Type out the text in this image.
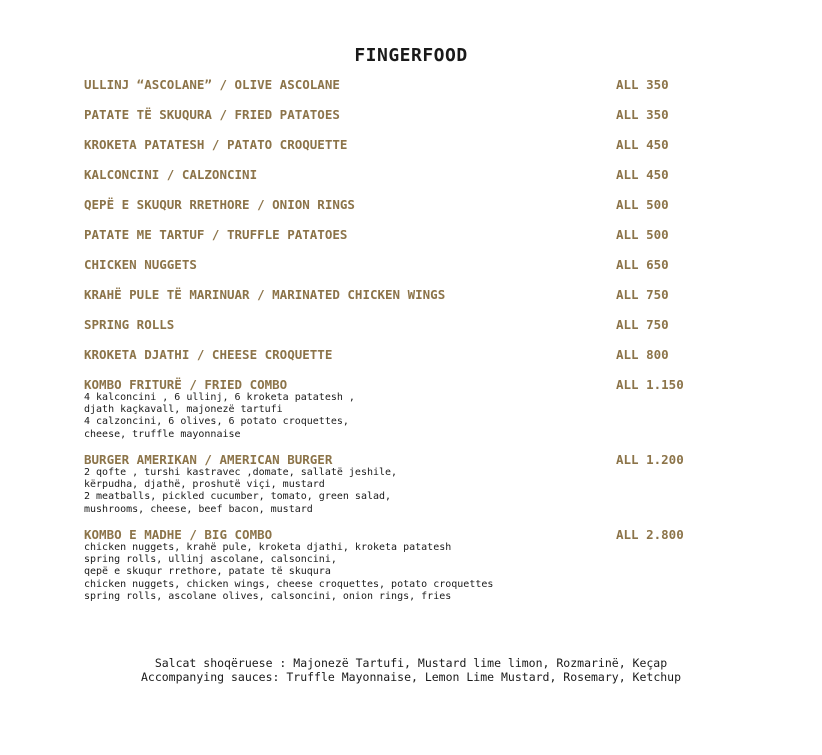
FINGERFOOD
ULLINJ “ASCOLANE” / OLIVE ASCOLANE	ALL 350
PATATE TË SKUQURA / FRIED PATATOES	ALL 350
KROKETA PATATESH / PATATO CROQUETTE	ALL 450
KALCONCINI / CALZONCINI	ALL 450
QEPË E SKUQUR RRETHORE / ONION RINGS	ALL 500
PATATE ME TARTUF / TRUFFLE PATATOES	ALL 500
CHICKEN NUGGETS	ALL 650
KRAHË PULE TË MARINUAR / MARINATED CHICKEN WINGS	ALL 750
SPRING ROLLS	ALL 750
KROKETA DJATHI / CHEESE CROQUETTE	ALL 800
KOMBO FRITURË / FRIED COMBO	ALL 1.150
4 kalconcini , 6 ullinj, 6 kroketa patatesh ,
djath kaçkavall, majonezë tartufi
4 calzoncini, 6 olives, 6 potato croquettes,
cheese, truffle mayonnaise
BURGER AMERIKAN / AMERICAN BURGER	ALL 1.200
2 qofte , turshi kastravec ,domate, sallatë jeshile,
kërpudha, djathë, proshutë viçi, mustard
2 meatballs, pickled cucumber, tomato, green salad,
mushrooms, cheese, beef bacon, mustard
KOMBO E MADHE / BIG COMBO	ALL 2.800
chicken nuggets, krahë pule, kroketa djathi, kroketa patatesh
spring rolls, ullinj ascolane, calsoncini,
qepë e skuqur rrethore, patate të skuqura
chicken nuggets, chicken wings, cheese croquettes, potato croquettes
spring rolls, ascolane olives, calsoncini, onion rings, fries
Salcat shoqëruese : Majonezë Tartufi, Mustard lime limon, Rozmarinë, Keçap
Accompanying sauces: Truffle Mayonnaise, Lemon Lime Mustard, Rosemary, Ketchup
